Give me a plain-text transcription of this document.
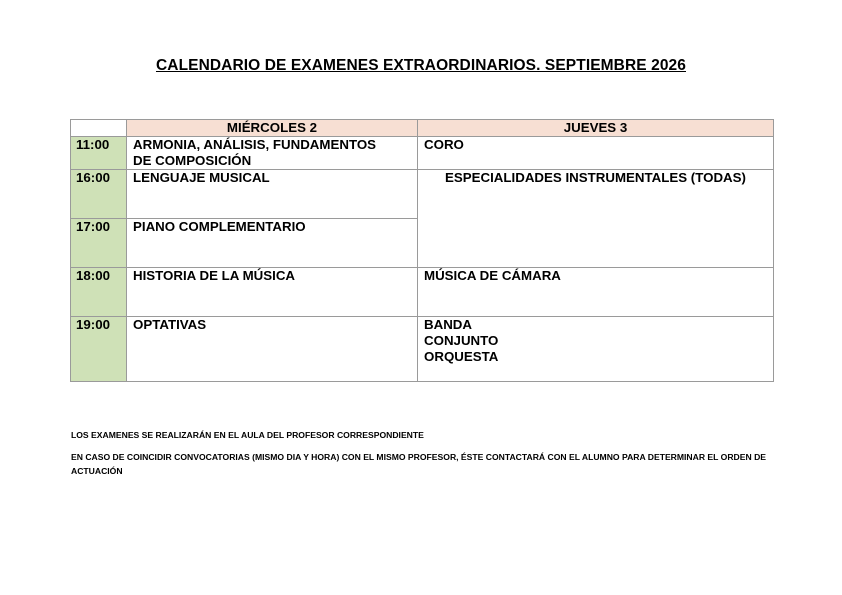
CALENDARIO DE EXAMENES EXTRAORDINARIOS. SEPTIEMBRE 2026
	MIÉRCOLES 2	JUEVES 3
11:00	ARMONIA, ANÁLISIS, FUNDAMENTOS
DE COMPOSICIÓN	CORO

16:00	LENGUAJE MUSICAL	ESPECIALIDADES INSTRUMENTALES (TODAS)

17:00	PIANO COMPLEMENTARIO	

18:00	HISTORIA DE LA MÚSICA	MÚSICA DE CÁMARA

19:00	OPTATIVAS	BANDA
CONJUNTO
ORQUESTA

LOS EXAMENES SE REALIZARÁN EN EL AULA DEL PROFESOR CORRESPONDIENTE

EN CASO DE COINCIDIR CONVOCATORIAS (MISMO DIA Y HORA) CON EL MISMO PROFESOR, ÉSTE CONTACTARÁ CON EL ALUMNO PARA DETERMINAR EL ORDEN DE ACTUACIÓN
